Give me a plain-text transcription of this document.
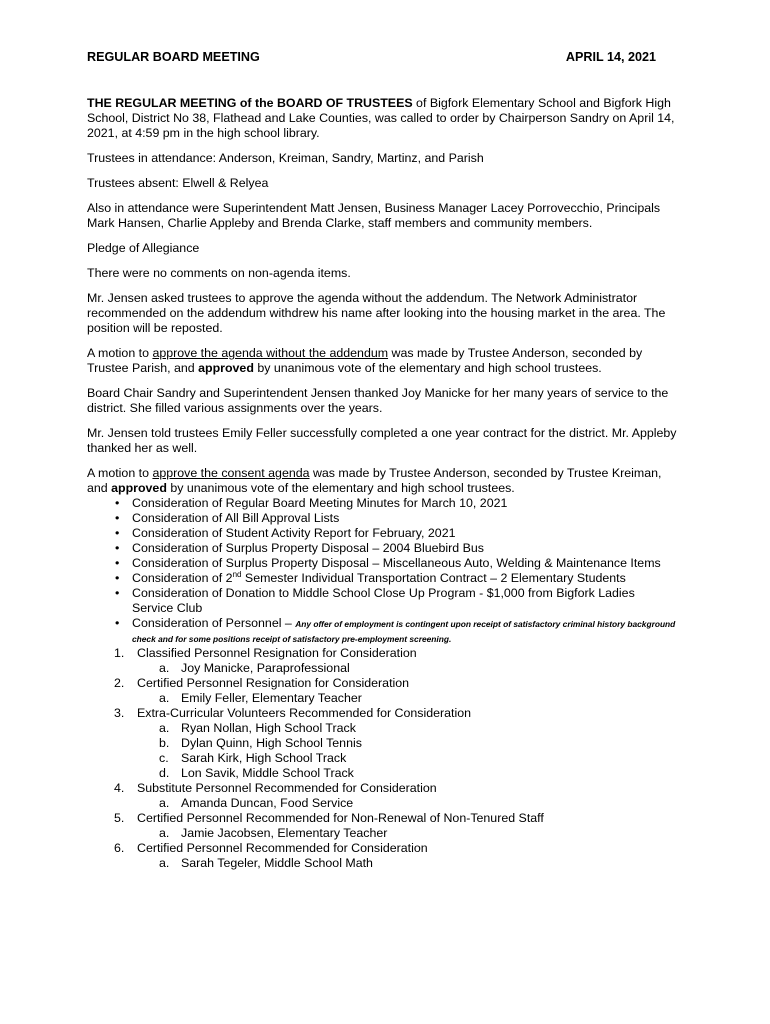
REGULAR BOARD MEETING	APRIL 14, 2021

THE REGULAR MEETING of the BOARD OF TRUSTEES of Bigfork Elementary School and Bigfork High School, District No 38, Flathead and Lake Counties, was called to order by Chairperson Sandry on April 14, 2021, at 4:59 pm in the high school library.

Trustees in attendance: Anderson, Kreiman, Sandry, Martinz, and Parish

Trustees absent: Elwell & Relyea

Also in attendance were Superintendent Matt Jensen, Business Manager Lacey Porrovecchio, Principals Mark Hansen, Charlie Appleby and Brenda Clarke, staff members and community members.

Pledge of Allegiance

There were no comments on non-agenda items.

Mr. Jensen asked trustees to approve the agenda without the addendum. The Network Administrator recommended on the addendum withdrew his name after looking into the housing market in the area. The position will be reposted.

A motion to approve the agenda without the addendum was made by Trustee Anderson, seconded by Trustee Parish, and approved by unanimous vote of the elementary and high school trustees.

Board Chair Sandry and Superintendent Jensen thanked Joy Manicke for her many years of service to the district. She filled various assignments over the years.

Mr. Jensen told trustees Emily Feller successfully completed a one year contract for the district. Mr. Appleby thanked her as well.

A motion to approve the consent agenda was made by Trustee Anderson, seconded by Trustee Kreiman, and approved by unanimous vote of the elementary and high school trustees.
• Consideration of Regular Board Meeting Minutes for March 10, 2021
• Consideration of All Bill Approval Lists
• Consideration of Student Activity Report for February, 2021
• Consideration of Surplus Property Disposal – 2004 Bluebird Bus
• Consideration of Surplus Property Disposal – Miscellaneous Auto, Welding & Maintenance Items
• Consideration of 2nd Semester Individual Transportation Contract – 2 Elementary Students
• Consideration of Donation to Middle School Close Up Program - $1,000 from Bigfork Ladies Service Club
• Consideration of Personnel – Any offer of employment is contingent upon receipt of satisfactory criminal history background check and for some positions receipt of satisfactory pre-employment screening.
1. Classified Personnel Resignation for Consideration
a. Joy Manicke, Paraprofessional
2. Certified Personnel Resignation for Consideration
a. Emily Feller, Elementary Teacher
3. Extra-Curricular Volunteers Recommended for Consideration
a. Ryan Nollan, High School Track
b. Dylan Quinn, High School Tennis
c. Sarah Kirk, High School Track
d. Lon Savik, Middle School Track
4. Substitute Personnel Recommended for Consideration
a. Amanda Duncan, Food Service
5. Certified Personnel Recommended for Non-Renewal of Non-Tenured Staff
a. Jamie Jacobsen, Elementary Teacher
6. Certified Personnel Recommended for Consideration
a. Sarah Tegeler, Middle School Math
